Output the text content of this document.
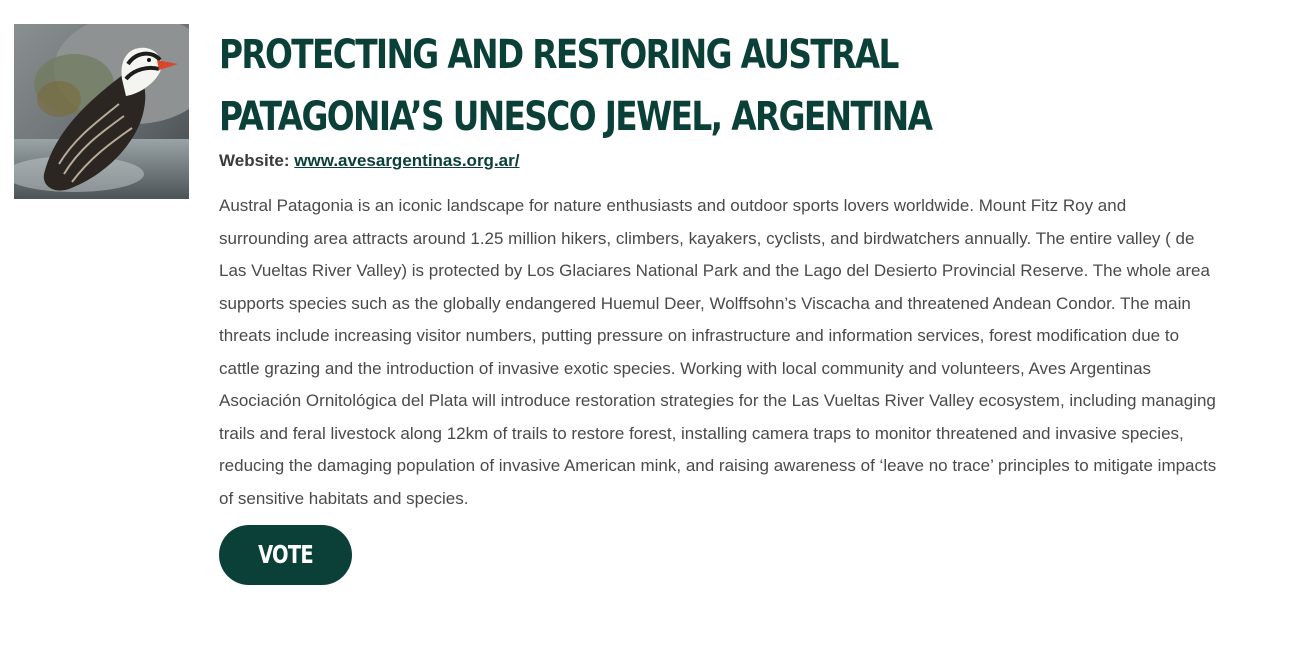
PROTECTING AND RESTORING AUSTRAL PATAGONIA’S UNESCO JEWEL, ARGENTINA
Website: www.avesargentinas.org.ar/

Austral Patagonia is an iconic landscape for nature enthusiasts and outdoor sports lovers worldwide. Mount Fitz Roy and surrounding area attracts around 1.25 million hikers, climbers, kayakers, cyclists, and birdwatchers annually. The entire valley ( de Las Vueltas River Valley) is protected by Los Glaciares National Park and the Lago del Desierto Provincial Reserve. The whole area supports species such as the globally endangered Huemul Deer, Wolffsohn’s Viscacha and threatened Andean Condor. The main threats include increasing visitor numbers, putting pressure on infrastructure and information services, forest modification due to cattle grazing and the introduction of invasive exotic species. Working with local community and volunteers, Aves Argentinas Asociación Ornitológica del Plata will introduce restoration strategies for the Las Vueltas River Valley ecosystem, including managing trails and feral livestock along 12km of trails to restore forest, installing camera traps to monitor threatened and invasive species, reducing the damaging population of invasive American mink, and raising awareness of ‘leave no trace’ principles to mitigate impacts of sensitive habitats and species.

VOTE NOW
